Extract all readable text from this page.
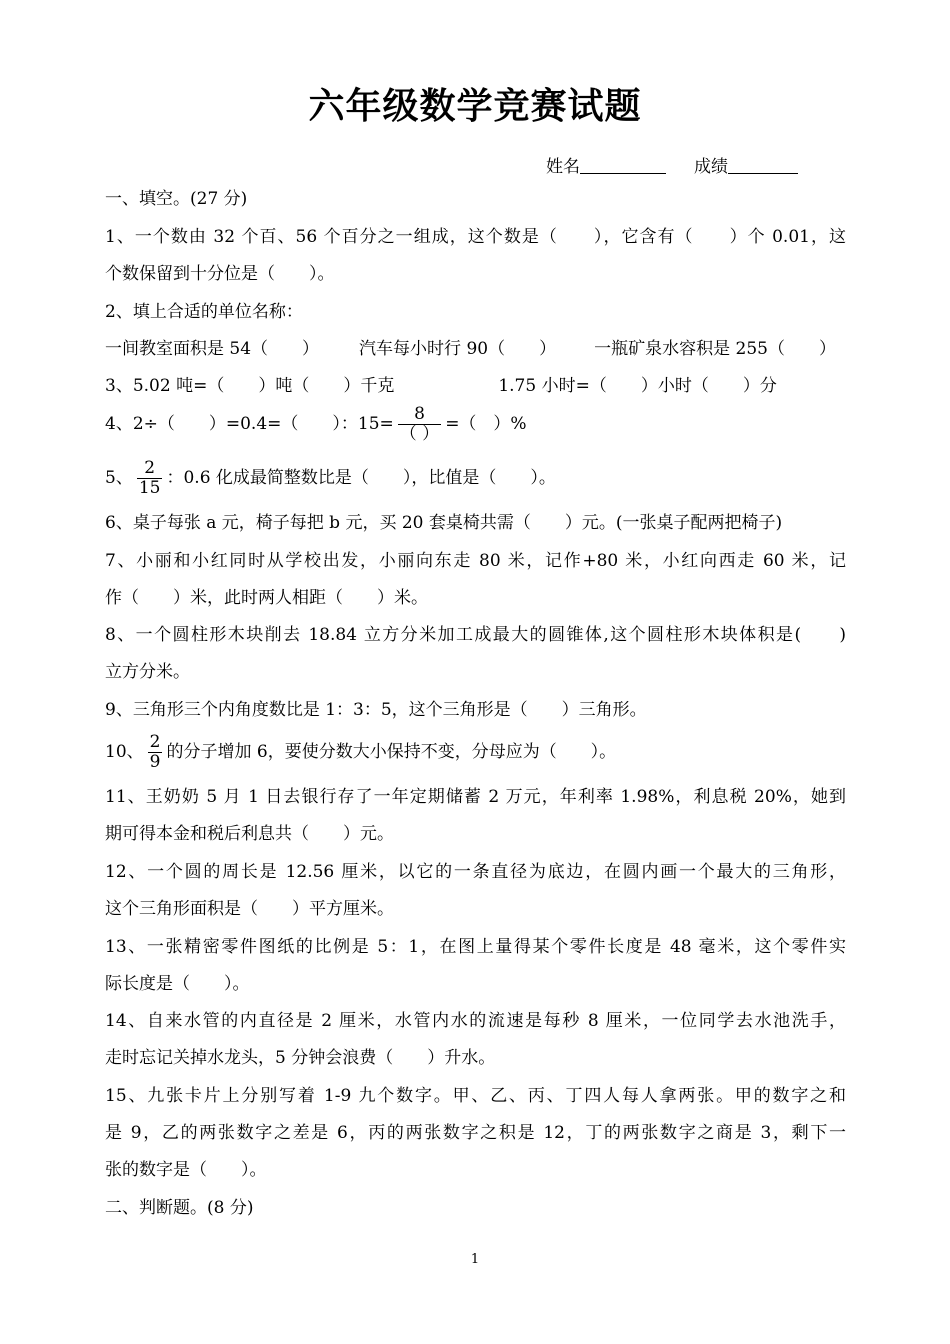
六年级数学竞赛试题
姓名	成绩
一、填空。(27 分)
1、一个数由 32 个百、56 个百分之一组成，这个数是（　　），它含有（　　）个 0.01，这
个数保留到十分位是（　　）。
2、填上合适的单位名称：
一间教室面积是 54（　　） 汽车每小时行 90（　　） 一瓶矿泉水容积是 255（　　）
3、5.02 吨=（　　）吨（　　）千克	1.75 小时=（　　）小时（　　）分
4、2÷（　　）=0.4=（　　）：$15= \frac{8}{( )}$ =（　）%
5、 $\frac{2}{15}$ ：0.6 化成最简整数比是（　　），比值是（　　）。
6、桌子每张 a 元，椅子每把 b 元，买 20 套桌椅共需（　　）元。(一张桌子配两把椅子)
7、小丽和小红同时从学校出发，小丽向东走 80 米，记作+80 米，小红向西走 60 米，记
作（　　）米，此时两人相距（　　）米。
8、一个圆柱形木块削去 18.84 立方分米加工成最大的圆锥体,这个圆柱形木块体积是(　　)
立方分米。
9、三角形三个内角度数比是 1：3：5，这个三角形是（　　）三角形。
10、 $\frac{2}{9}$ 的分子增加 6，要使分数大小保持不变，分母应为（　　）。
11、王奶奶 5 月 1 日去银行存了一年定期储蓄 2 万元，年利率 1.98%，利息税 20%，她到
期可得本金和税后利息共（　　）元。
12、一个圆的周长是 12.56 厘米，以它的一条直径为底边，在圆内画一个最大的三角形，
这个三角形面积是（　　）平方厘米。
13、一张精密零件图纸的比例是 5：1，在图上量得某个零件长度是 48 毫米，这个零件实
际长度是（　　）。
14、自来水管的内直径是 2 厘米，水管内水的流速是每秒 8 厘米，一位同学去水池洗手，
走时忘记关掉水龙头，5 分钟会浪费（　　）升水。
15、九张卡片上分别写着 1-9 九个数字。甲、乙、丙、丁四人每人拿两张。甲的数字之和
是 9，乙的两张数字之差是 6，丙的两张数字之积是 12，丁的两张数字之商是 3，剩下一
张的数字是（　　）。
二、判断题。(8 分)
1
